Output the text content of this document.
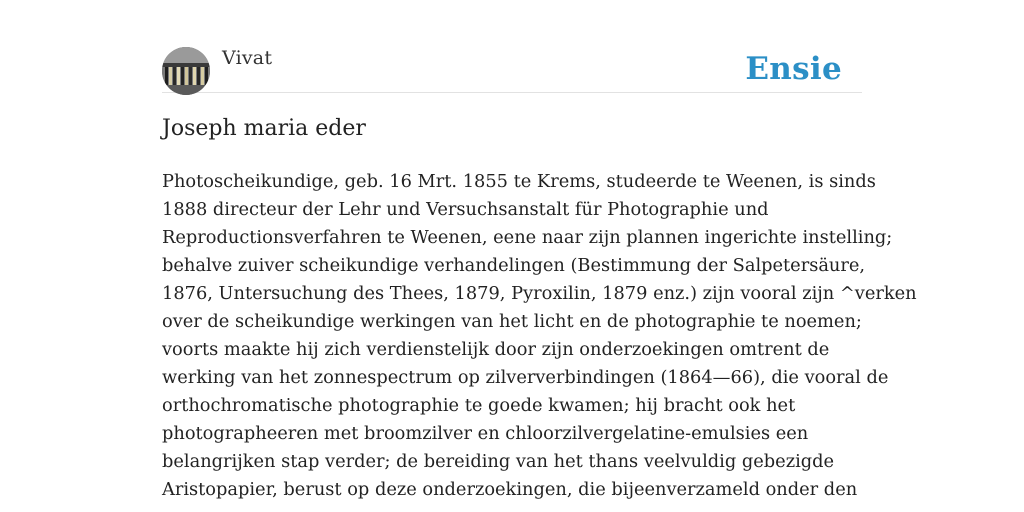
Vivat	Ensie
Joseph maria eder
Photoscheikundige, geb. 16 Mrt. 1855 te Krems, studeerde te Weenen, is sinds
1888 directeur der Lehr und Versuchsanstalt für Photographie und
Reproductionsverfahren te Weenen, eene naar zijn plannen ingerichte instelling;
behalve zuiver scheikundige verhandelingen (Bestimmung der Salpetersäure,
1876, Untersuchung des Thees, 1879, Pyroxilin, 1879 enz.) zijn vooral zijn ^verken
over de scheikundige werkingen van het licht en de photographie te noemen;
voorts maakte hij zich verdienstelijk door zijn onderzoekingen omtrent de
werking van het zonnespectrum op zilververbindingen (1864—66), die vooral de
orthochromatische photographie te goede kwamen; hij bracht ook het
photographeeren met broomzilver en chloorzilvergelatine-emulsies een
belangrijken stap verder; de bereiding van het thans veelvuldig gebezigde
Aristopapier, berust op deze onderzoekingen, die bijeenverzameld onder den
